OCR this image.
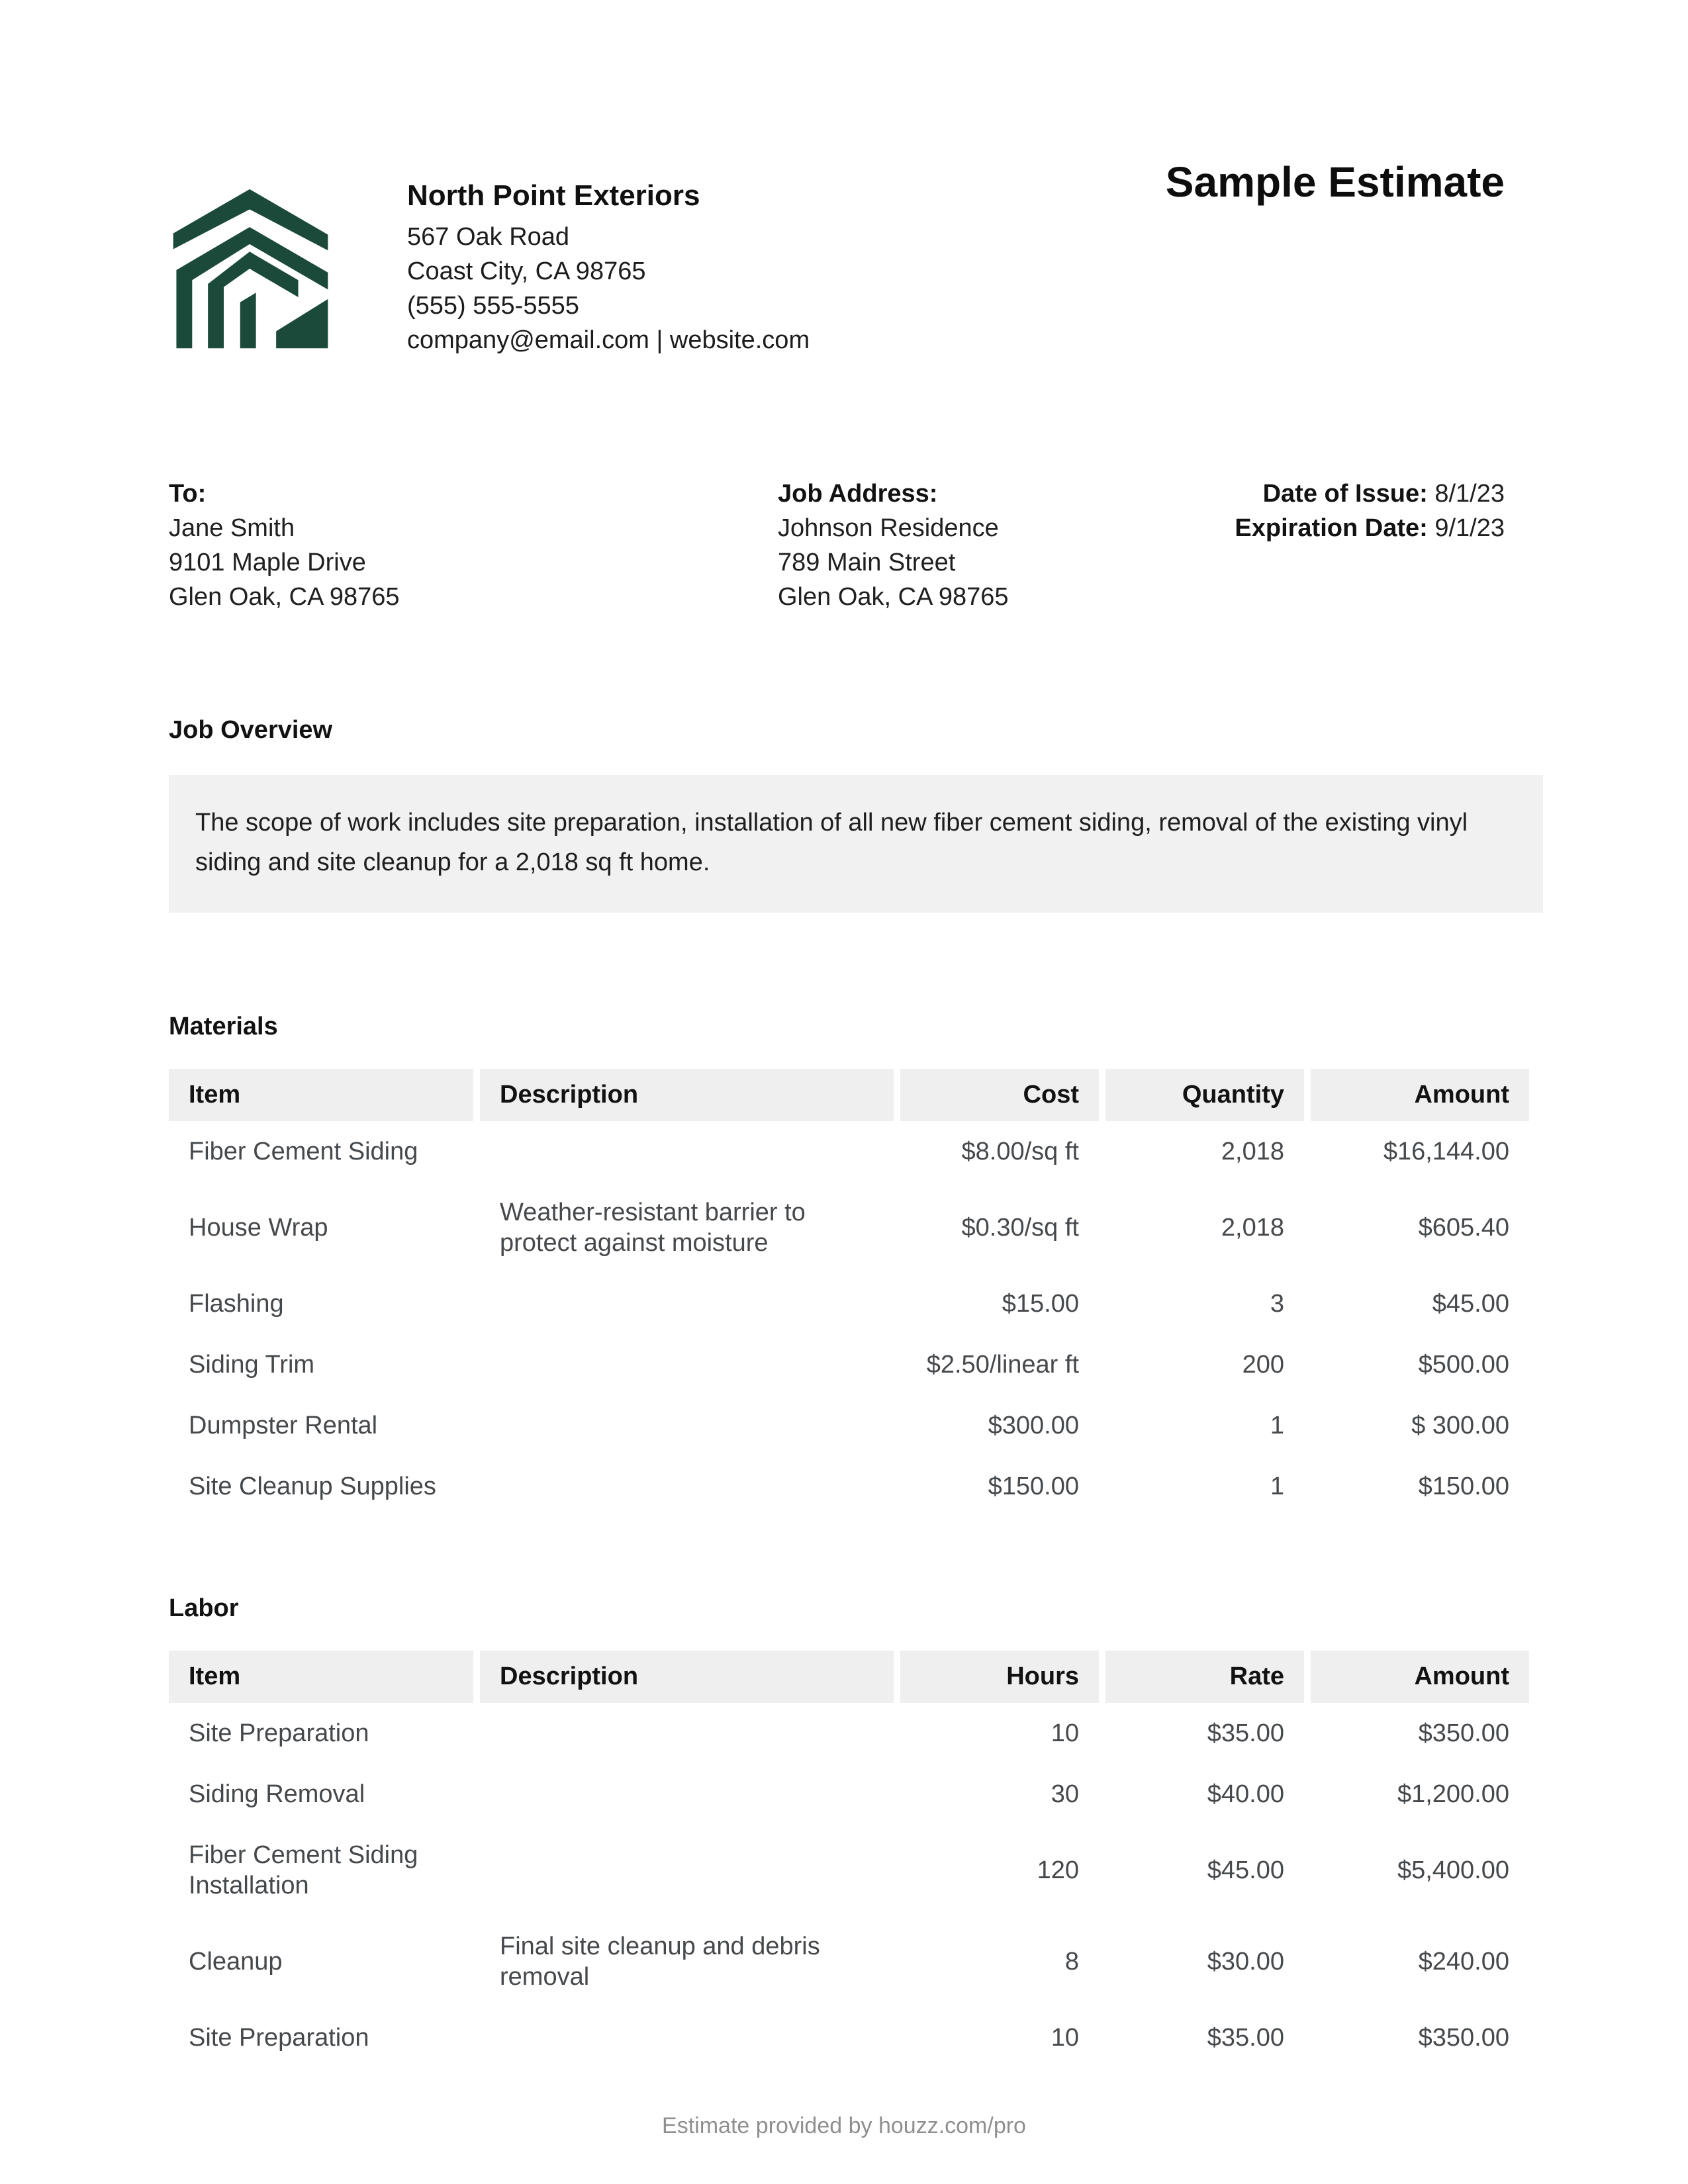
North Point Exteriors
567 Oak Road
Coast City, CA 98765
(555) 555-5555
company@email.com | website.com
Sample Estimate
To:
Jane Smith
9101 Maple Drive
Glen Oak, CA 98765
Job Address:
Johnson Residence
789 Main Street
Glen Oak, CA 98765
Date of Issue: 8/1/23
Expiration Date: 9/1/23
Job Overview
The scope of work includes site preparation, installation of all new fiber cement siding, removal of the existing vinyl siding and site cleanup for a 2,018 sq ft home.
Materials
Item	Description	Cost	Quantity	Amount
Fiber Cement Siding		$8.00/sq ft	2,018	$16,144.00
House Wrap	Weather-resistant barrier to protect against moisture	$0.30/sq ft	2,018	$605.40
Flashing		$15.00	3	$45.00
Siding Trim		$2.50/linear ft	200	$500.00
Dumpster Rental		$300.00	1	$ 300.00
Site Cleanup Supplies		$150.00	1	$150.00
Labor
Item	Description	Hours	Rate	Amount
Site Preparation		10	$35.00	$350.00
Siding Removal		30	$40.00	$1,200.00
Fiber Cement Siding Installation		120	$45.00	$5,400.00
Cleanup	Final site cleanup and debris removal	8	$30.00	$240.00
Site Preparation		10	$35.00	$350.00
Estimate provided by houzz.com/pro
